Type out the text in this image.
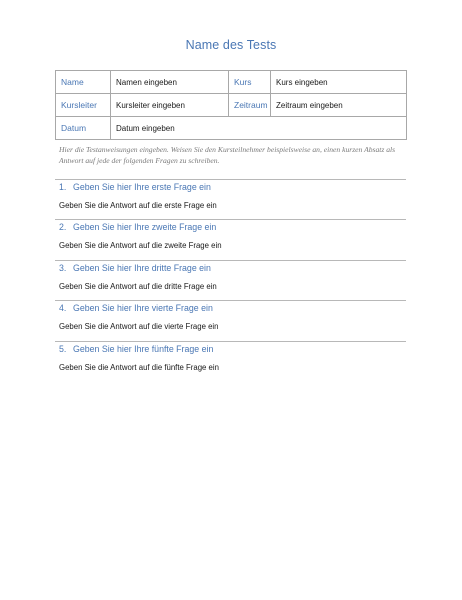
Name des Tests
Name	Namen eingeben	Kurs	Kurs eingeben
Kursleiter	Kursleiter eingeben	Zeitraum	Zeitraum eingeben
Datum	Datum eingeben		
Hier die Testanweisungen eingeben. Weisen Sie den Kursteilnehmer beispielsweise an, einen kurzen Absatz als Antwort auf jede der folgenden Fragen zu schreiben.
1. Geben Sie hier Ihre erste Frage ein
Geben Sie die Antwort auf die erste Frage ein
2. Geben Sie hier Ihre zweite Frage ein
Geben Sie die Antwort auf die zweite Frage ein
3. Geben Sie hier Ihre dritte Frage ein
Geben Sie die Antwort auf die dritte Frage ein
4. Geben Sie hier Ihre vierte Frage ein
Geben Sie die Antwort auf die vierte Frage ein
5. Geben Sie hier Ihre fünfte Frage ein
Geben Sie die Antwort auf die fünfte Frage ein
